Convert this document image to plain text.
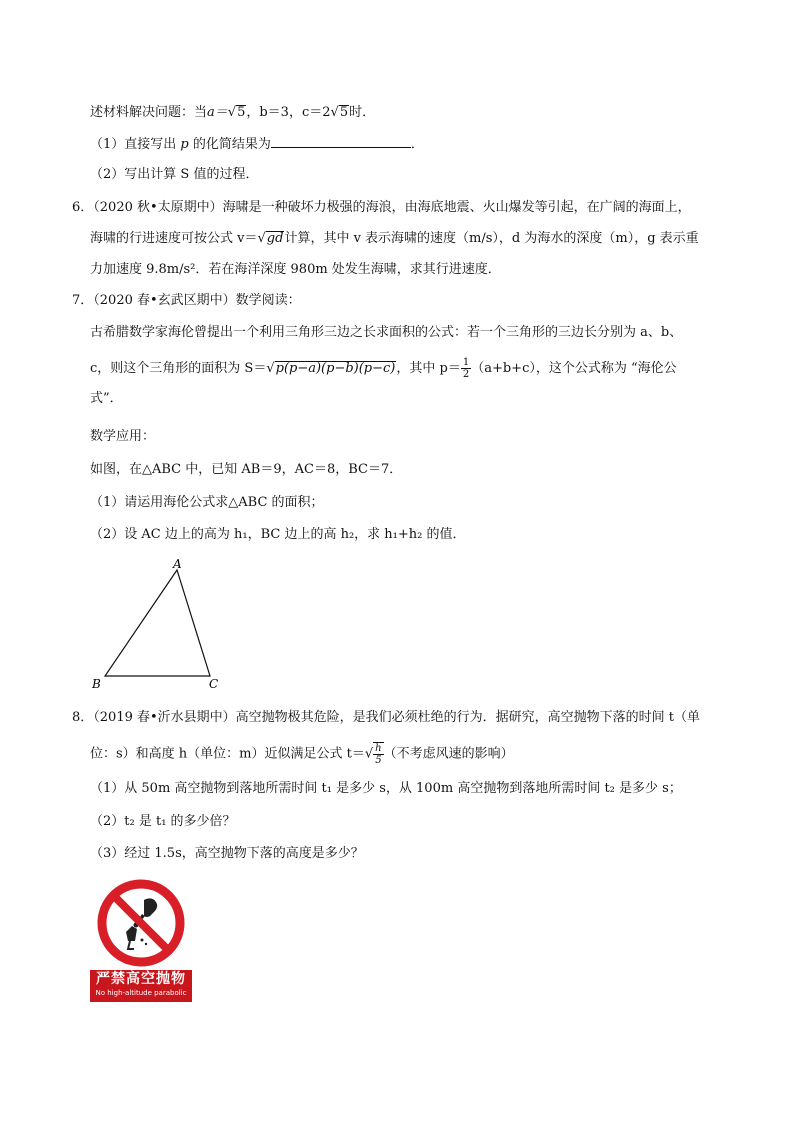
述材料解决问题：当a＝√5，b＝3，c＝2√5时．
（1）直接写出 p 的化简结果为	．
（2）写出计算 S 值的过程．
6．（2020 秋•太原期中）海啸是一种破坏力极强的海浪，由海底地震、火山爆发等引起，在广阔的海面上，
海啸的行进速度可按公式 v＝√gd计算，其中 v 表示海啸的速度（m/s），d 为海水的深度（m），g 表示重
力加速度 9.8m/s²．若在海洋深度 980m 处发生海啸，求其行进速度．
7．（2020 春•玄武区期中）数学阅读：
古希腊数学家海伦曾提出一个利用三角形三边之长求面积的公式：若一个三角形的三边长分别为 a、b、
c，则这个三角形的面积为 S＝√p(p−a)(p−b)(p−c)，其中 $p= \frac{1}{2} (a+b+c)$，这个公式称为 “海伦公
式”．
数学应用：
如图，在△ABC 中，已知 AB＝9，AC＝8，BC＝7．
（1）请运用海伦公式求△ABC 的面积；
（2）设 AC 边上的高为 h₁，BC 边上的高 h₂，求 h₁+h₂ 的值．
A
B	C
8．（2019 春•沂水县期中）高空抛物极其危险，是我们必须杜绝的行为．据研究，高空抛物下落的时间 t（单
位：s）和高度 h（单位：m）近似满足公式 $t=√ \frac{h}{5}$ （不考虑风速的影响）
（1）从 50m 高空抛物到落地所需时间 t₁ 是多少 s，从 100m 高空抛物到落地所需时间 t₂ 是多少 s；
（2）t₂ 是 t₁ 的多少倍？
（3）经过 1.5s，高空抛物下落的高度是多少？
严禁高空抛物
No high-altitude parabolic
